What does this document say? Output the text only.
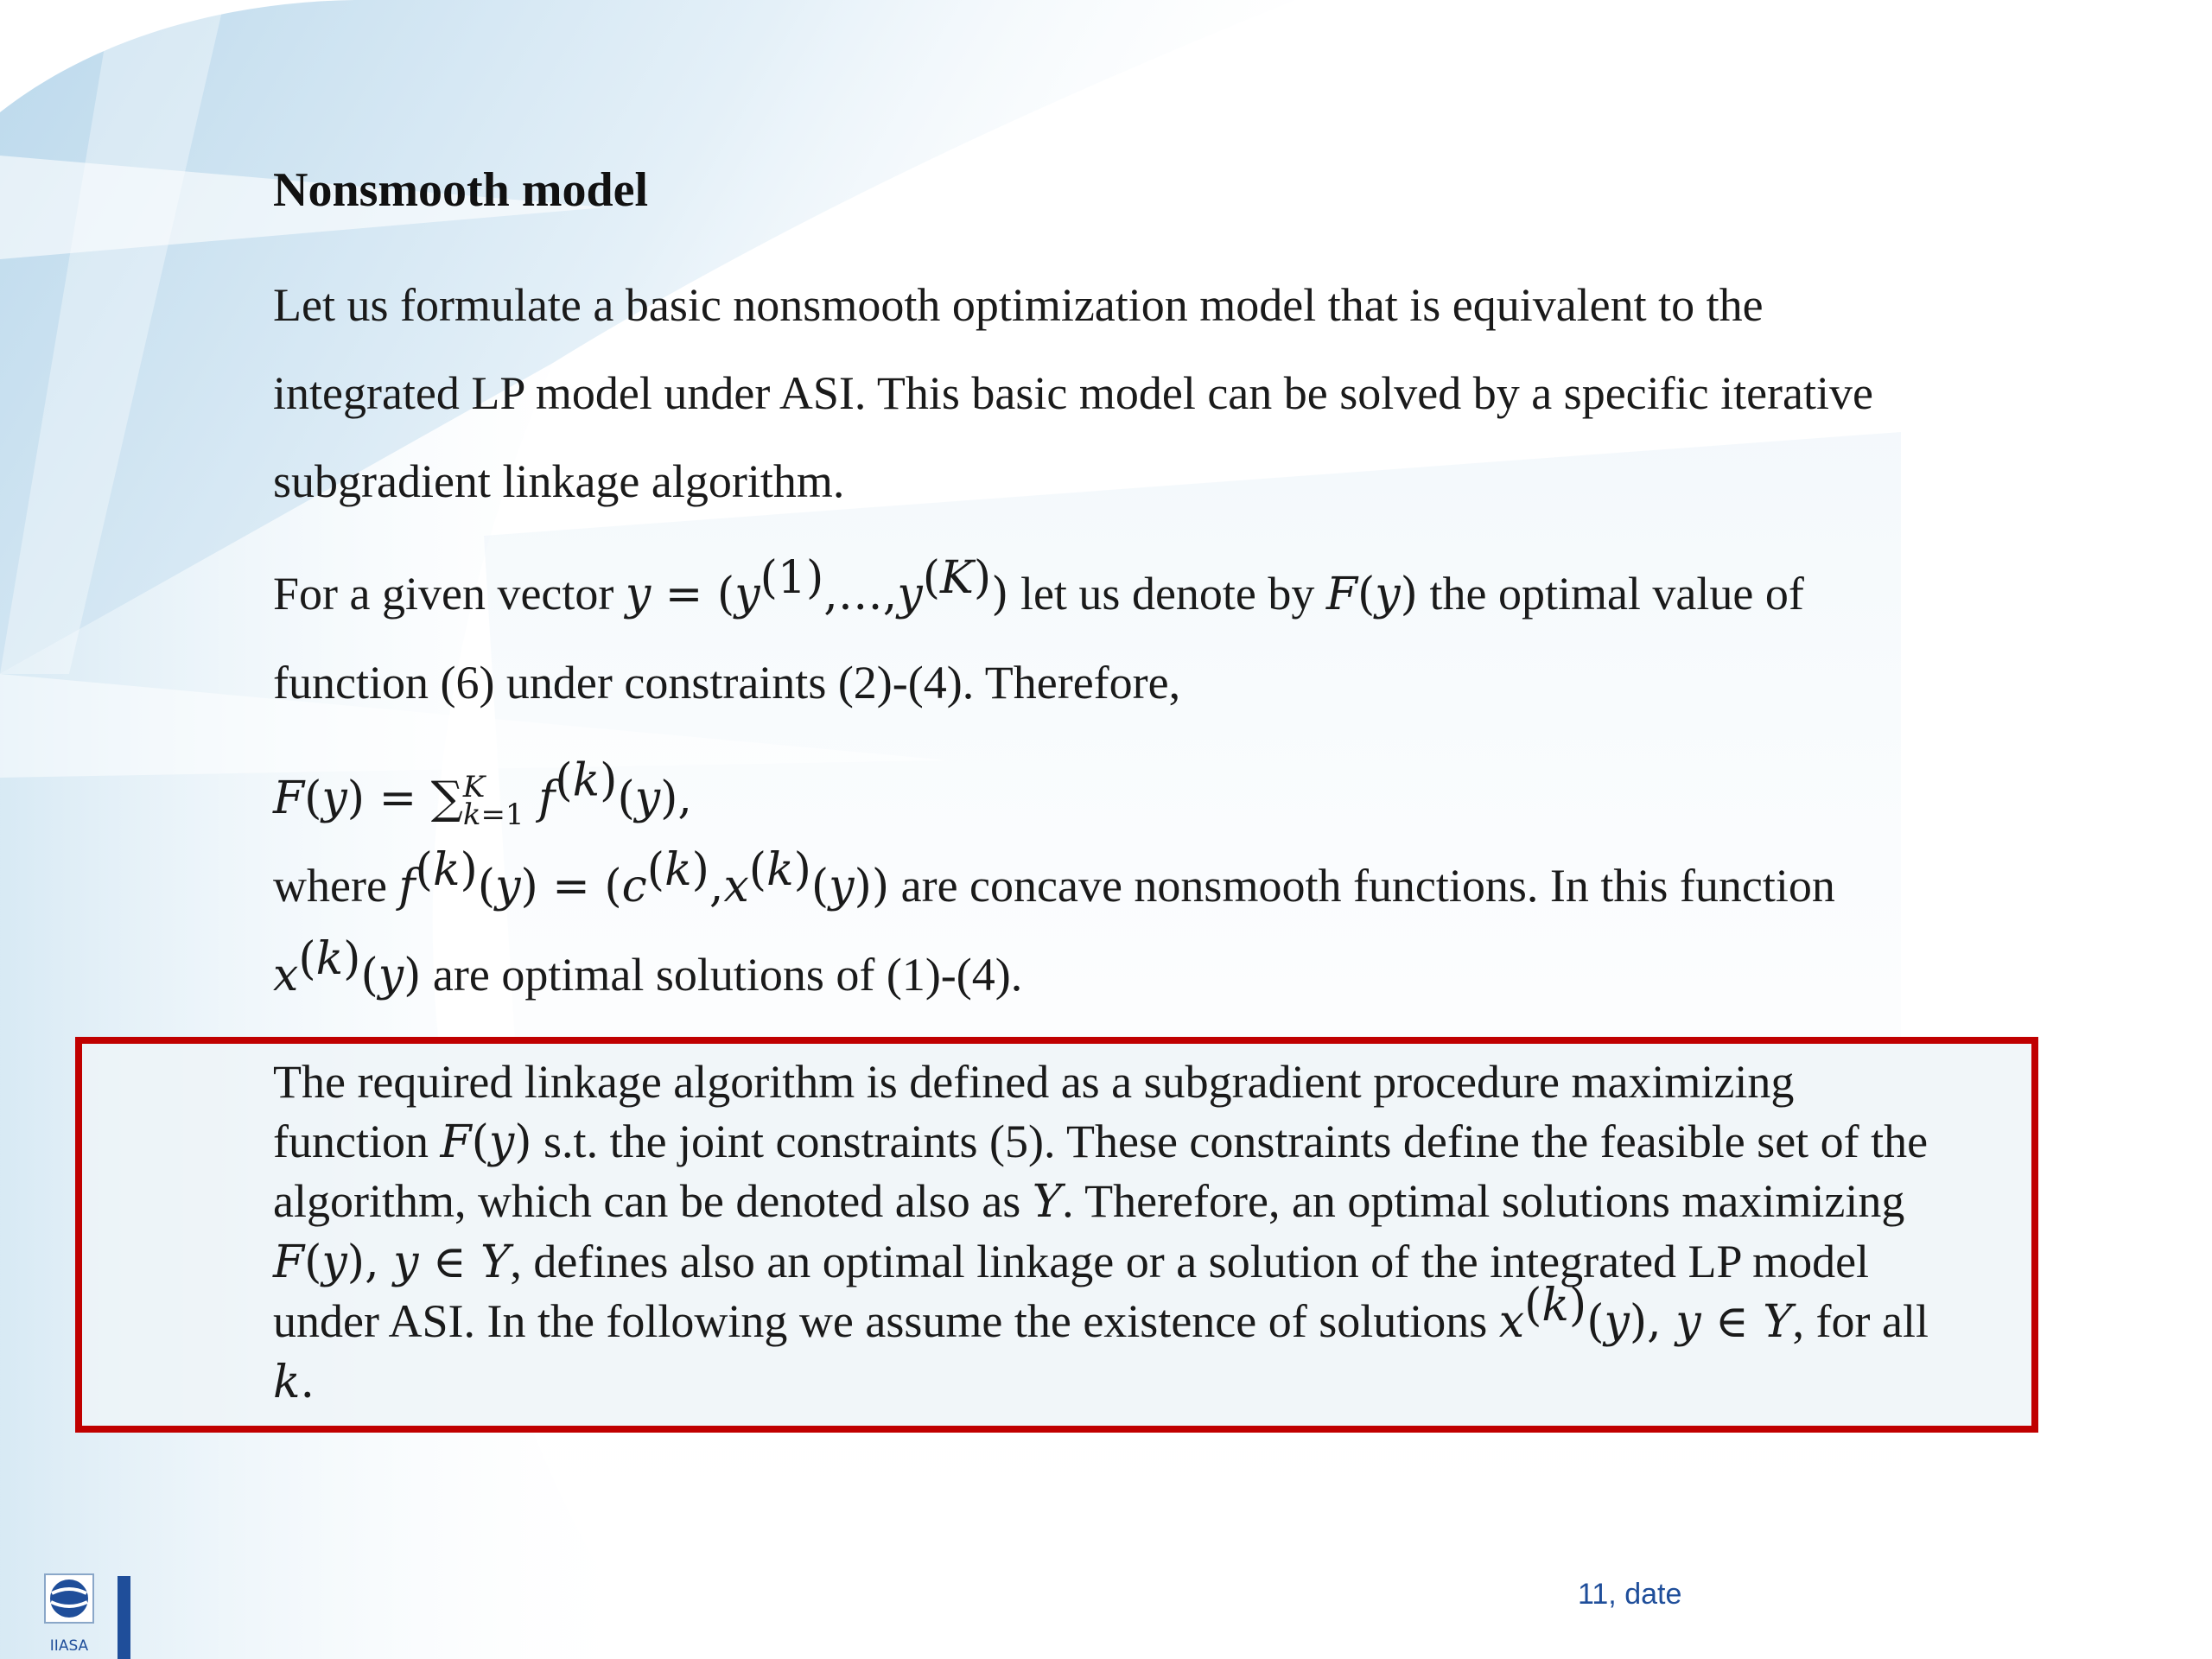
Nonsmooth model
Let us formulate a basic nonsmooth optimization model that is equivalent to the integrated LP model under ASI. This basic model can be solved by a specific iterative subgradient linkage algorithm.
For a given vector $y = (y^{(1)},\dots,y^{(K)})$ let us denote by F(y) the optimal value of function (6) under constraints (2)-(4). Therefore,
F(y) = ∑ K
k=1 $f^{(k)}(y)$,
where $f^{(k)}(y) = (c^{(k)},x^{(k)}(y))$ are concave nonsmooth functions. In this function $x^{(k)}(y)$ are optimal solutions of (1)-(4).
The required linkage algorithm is defined as a subgradient procedure maximizing function F(y) s.t. the joint constraints (5). These constraints define the feasible set of the algorithm, which can be denoted also as Y. Therefore, an optimal solutions maximizing F(y), y ∈ Y, defines also an optimal linkage or a solution of the integrated LP model under ASI. In the following we assume the existence of solutions $x^{(k)}(y)$, y ∈ Y, for all k.
IIASA
11, date
